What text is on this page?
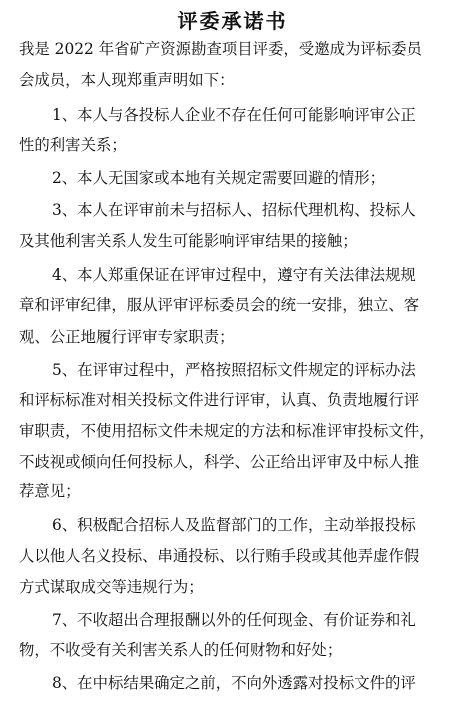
评委承诺书
我是 2022 年省矿产资源勘查项目评委，受邀成为评标委员
会成员，本人现郑重声明如下：
1、本人与各投标人企业不存在任何可能影响评审公正
性的利害关系；
2、本人无国家或本地有关规定需要回避的情形；
3、本人在评审前未与招标人、招标代理机构、投标人
及其他利害关系人发生可能影响评审结果的接触；
4、本人郑重保证在评审过程中，遵守有关法律法规规
章和评审纪律，服从评审评标委员会的统一安排，独立、客
观、公正地履行评审专家职责；
5、在评审过程中，严格按照招标文件规定的评标办法
和评标标准对相关投标文件进行评审，认真、负责地履行评
审职责，不使用招标文件未规定的方法和标准评审投标文件，
不歧视或倾向任何投标人，科学、公正给出评审及中标人推
荐意见；
6、积极配合招标人及监督部门的工作，主动举报投标
人以他人名义投标、串通投标、以行贿手段或其他弄虚作假
方式谋取成交等违规行为；
7、不收超出合理报酬以外的任何现金、有价证券和礼
物，不收受有关利害关系人的任何财物和好处；
8、在中标结果确定之前，不向外透露对投标文件的评
